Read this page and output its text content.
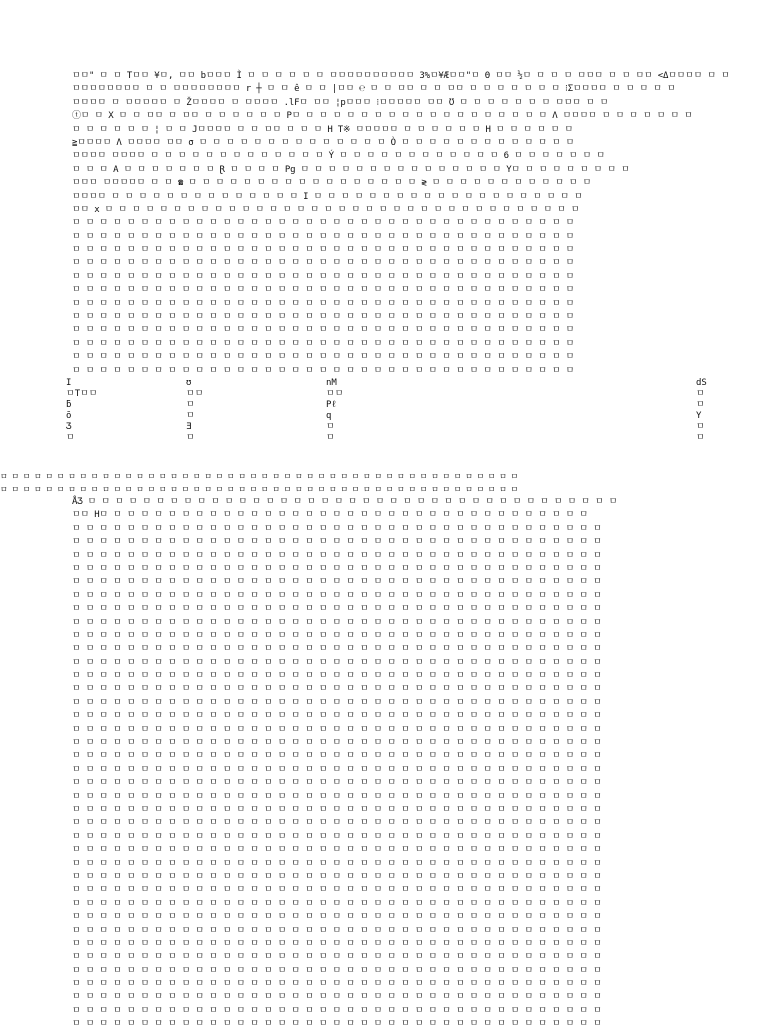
ㅁㅁ" ㅁ ㅁ Tㅁㅁ ¥ㅁ, ㅁㅁ bㅁㅁㅁ Ì ㅁ ㅁ ㅁ ㅁ ㅁ ㅁ ㅁㅁㅁㅁㅁㅁㅁㅁㅁㅁ 3%ㅁ¥Æㅁㅁ"ㅁ Θ ㅁㅁ ½ㅁ ㅁ ㅁ ㅁ ㅁㅁㅁ ㅁ ㅁ ㅁㅁ <Δㅁㅁㅁㅁ ㅁ ㅁ
ㅁㅁㅁㅁㅁㅁㅁㅁ ㅁ ㅁ ㅁㅁㅁㅁㅁㅁㅁㅁ r ┼ ㅁ ㅁ ê ㅁ ㅁ |ㅁㅁ ℮ ㅁ ㅁ ㅁㅁ ㅁ ㅁ ㅁㅁ ㅁ ㅁ ㅁ ㅁ ㅁ ㅁ ㅁ ⁝Σㅁㅁㅁㅁ ㅁ ㅁ ㅁ ㅁ ㅁ
ㅁㅁㅁㅁ ㅁ ㅁㅁㅁㅁㅁ ㅁ Žㅁㅁㅁㅁ ㅁ ㅁㅁㅁㅁ .lFㅁ ㅁㅁ ¦pㅁㅁㅁ ⁝ㅁㅁㅁㅁㅁ ㅁㅁ Ʊ ㅁ ㅁ ㅁ ㅁ ㅁ ㅁ ㅁ ㅁㅁㅁ ㅁ ㅁ
ⓣㅁ ㅁ X ㅁ ㅁ ㅁㅁ ㅁ ㅁㅁ ㅁ ㅁ ㅁ ㅁ ㅁ ㅁ Pㅁ ㅁ ㅁ ㅁ ㅁ ㅁ ㅁ ㅁ ㅁ ㅁ ㅁ ㅁ ㅁ ㅁ ㅁ ㅁ ㅁ ㅁ ㅁ Λ ㅁㅁㅁㅁ ㅁ ㅁ ㅁ ㅁ ㅁ ㅁ ㅁ
ㅁ ㅁ ㅁ ㅁ ㅁ ㅁ ¦ ㅁ ㅁ Jㅁㅁㅁㅁ ㅁ ㅁ ㅁㅁ ㅁ ㅁ ㅁ H T※ ㅁㅁㅁㅁㅁ ㅁ ㅁ ㅁ ㅁ ㅁ ㅁ H ㅁ ㅁ ㅁ ㅁ ㅁ ㅁ
≧ㅁㅁㅁㅁ Λ ㅁㅁㅁㅁ ㅁㅁ σ ㅁ ㅁ ㅁ ㅁ ㅁ ㅁ ㅁ ㅁ ㅁ ㅁ ㅁ ㅁ ㅁ ㅁ Ò ㅁ ㅁ ㅁ ㅁ ㅁ ㅁ ㅁ ㅁ ㅁ ㅁ ㅁ ㅁ ㅁ
ㅁㅁㅁㅁ ㅁㅁㅁㅁ ㅁ ㅁ ㅁ ㅁ ㅁ ㅁ ㅁ ㅁ ㅁ ㅁ ㅁ ㅁ ㅁ Ý ㅁ ㅁ ㅁ ㅁ ㅁ ㅁ ㅁ ㅁ ㅁ ㅁ ㅁ ㅁ 6 ㅁ ㅁ ㅁ ㅁ ㅁ ㅁ ㅁ
ㅁ ㅁ ㅁ A ㅁ ㅁ ㅁ ㅁ ㅁ ㅁ ㅁ Ɽ ㅁ ㅁ ㅁ ㅁ Pg ㅁ ㅁ ㅁ ㅁ ㅁ ㅁ ㅁ ㅁ ㅁ ㅁ ㅁ ㅁ ㅁ ㅁ ㅁ Yㅁ ㅁ ㅁ ㅁ ㅁ ㅁ ㅁ ㅁ ㅁ
ㅁㅁㅁ ㅁㅁㅁㅁㅁ ㅁ ㅁ ☎ ㅁ ㅁ ㅁ ㅁ ㅁ ㅁ ㅁ ㅁ ㅁ ㅁ ㅁ ㅁ ㅁ ㅁ ㅁ ㅁ ㅁ ≷ ㅁ ㅁ ㅁ ㅁ ㅁ ㅁ ㅁ ㅁ ㅁ ㅁ ㅁ ㅁ
ㅁㅁㅁㅁ ㅁ ㅁ ㅁ ㅁ ㅁ ㅁ ㅁ ㅁ ㅁ ㅁ ㅁ ㅁ ㅁ ㅁ I ㅁ ㅁ ㅁ ㅁ ㅁ ㅁ ㅁ ㅁ ㅁ ㅁ ㅁ ㅁ ㅁ ㅁ ㅁ ㅁ ㅁ ㅁ ㅁ ㅁ
ㅁㅁ x ㅁ ㅁ ㅁ ㅁ ㅁ ㅁ ㅁ ㅁ ㅁ ㅁ ㅁ ㅁ ㅁ ㅁ ㅁ ㅁ ㅁ ㅁ ㅁ ㅁ ㅁ ㅁ ㅁ ㅁ ㅁ ㅁ ㅁ ㅁ ㅁ ㅁ ㅁ ㅁ ㅁ ㅁ ㅁ
ㅁ ㅁ ㅁ ㅁ ㅁ ㅁ ㅁ ㅁ ㅁ ㅁ ㅁ ㅁ ㅁ ㅁ ㅁ ㅁ ㅁ ㅁ ㅁ ㅁ ㅁ ㅁ ㅁ ㅁ ㅁ ㅁ ㅁ ㅁ ㅁ ㅁ ㅁ ㅁ ㅁ ㅁ ㅁ ㅁ ㅁ
ㅁ ㅁ ㅁ ㅁ ㅁ ㅁ ㅁ ㅁ ㅁ ㅁ ㅁ ㅁ ㅁ ㅁ ㅁ ㅁ ㅁ ㅁ ㅁ ㅁ ㅁ ㅁ ㅁ ㅁ ㅁ ㅁ ㅁ ㅁ ㅁ ㅁ ㅁ ㅁ ㅁ ㅁ ㅁ ㅁ ㅁ
ㅁ ㅁ ㅁ ㅁ ㅁ ㅁ ㅁ ㅁ ㅁ ㅁ ㅁ ㅁ ㅁ ㅁ ㅁ ㅁ ㅁ ㅁ ㅁ ㅁ ㅁ ㅁ ㅁ ㅁ ㅁ ㅁ ㅁ ㅁ ㅁ ㅁ ㅁ ㅁ ㅁ ㅁ ㅁ ㅁ ㅁ
ㅁ ㅁ ㅁ ㅁ ㅁ ㅁ ㅁ ㅁ ㅁ ㅁ ㅁ ㅁ ㅁ ㅁ ㅁ ㅁ ㅁ ㅁ ㅁ ㅁ ㅁ ㅁ ㅁ ㅁ ㅁ ㅁ ㅁ ㅁ ㅁ ㅁ ㅁ ㅁ ㅁ ㅁ ㅁ ㅁ ㅁ
ㅁ ㅁ ㅁ ㅁ ㅁ ㅁ ㅁ ㅁ ㅁ ㅁ ㅁ ㅁ ㅁ ㅁ ㅁ ㅁ ㅁ ㅁ ㅁ ㅁ ㅁ ㅁ ㅁ ㅁ ㅁ ㅁ ㅁ ㅁ ㅁ ㅁ ㅁ ㅁ ㅁ ㅁ ㅁ ㅁ ㅁ
ㅁ ㅁ ㅁ ㅁ ㅁ ㅁ ㅁ ㅁ ㅁ ㅁ ㅁ ㅁ ㅁ ㅁ ㅁ ㅁ ㅁ ㅁ ㅁ ㅁ ㅁ ㅁ ㅁ ㅁ ㅁ ㅁ ㅁ ㅁ ㅁ ㅁ ㅁ ㅁ ㅁ ㅁ ㅁ ㅁ ㅁ
ㅁ ㅁ ㅁ ㅁ ㅁ ㅁ ㅁ ㅁ ㅁ ㅁ ㅁ ㅁ ㅁ ㅁ ㅁ ㅁ ㅁ ㅁ ㅁ ㅁ ㅁ ㅁ ㅁ ㅁ ㅁ ㅁ ㅁ ㅁ ㅁ ㅁ ㅁ ㅁ ㅁ ㅁ ㅁ ㅁ ㅁ
ㅁ ㅁ ㅁ ㅁ ㅁ ㅁ ㅁ ㅁ ㅁ ㅁ ㅁ ㅁ ㅁ ㅁ ㅁ ㅁ ㅁ ㅁ ㅁ ㅁ ㅁ ㅁ ㅁ ㅁ ㅁ ㅁ ㅁ ㅁ ㅁ ㅁ ㅁ ㅁ ㅁ ㅁ ㅁ ㅁ ㅁ
ㅁ ㅁ ㅁ ㅁ ㅁ ㅁ ㅁ ㅁ ㅁ ㅁ ㅁ ㅁ ㅁ ㅁ ㅁ ㅁ ㅁ ㅁ ㅁ ㅁ ㅁ ㅁ ㅁ ㅁ ㅁ ㅁ ㅁ ㅁ ㅁ ㅁ ㅁ ㅁ ㅁ ㅁ ㅁ ㅁ ㅁ
ㅁ ㅁ ㅁ ㅁ ㅁ ㅁ ㅁ ㅁ ㅁ ㅁ ㅁ ㅁ ㅁ ㅁ ㅁ ㅁ ㅁ ㅁ ㅁ ㅁ ㅁ ㅁ ㅁ ㅁ ㅁ ㅁ ㅁ ㅁ ㅁ ㅁ ㅁ ㅁ ㅁ ㅁ ㅁ ㅁ ㅁ
ㅁ ㅁ ㅁ ㅁ ㅁ ㅁ ㅁ ㅁ ㅁ ㅁ ㅁ ㅁ ㅁ ㅁ ㅁ ㅁ ㅁ ㅁ ㅁ ㅁ ㅁ ㅁ ㅁ ㅁ ㅁ ㅁ ㅁ ㅁ ㅁ ㅁ ㅁ ㅁ ㅁ ㅁ ㅁ ㅁ ㅁ
ㅁ ㅁ ㅁ ㅁ ㅁ ㅁ ㅁ ㅁ ㅁ ㅁ ㅁ ㅁ ㅁ ㅁ ㅁ ㅁ ㅁ ㅁ ㅁ ㅁ ㅁ ㅁ ㅁ ㅁ ㅁ ㅁ ㅁ ㅁ ㅁ ㅁ ㅁ ㅁ ㅁ ㅁ ㅁ ㅁ ㅁ
I	ʊ	nM	dS
ㅁTㅁㅁ	ㅁㅁ	ㅁㅁ	ㅁ
ƃ	ㅁ	Pℓ	ㅁ
ō	ㅁ	q	Y
Ʒ	Ǝ	ㅁ	ㅁ
ㅁ	ㅁ	ㅁ	ㅁ
ㅁ ㅁ ㅁ ㅁ ㅁ ㅁ ㅁ ㅁ ㅁ ㅁ ㅁ ㅁ ㅁ ㅁ ㅁ ㅁ ㅁ ㅁ ㅁ ㅁ ㅁ ㅁ ㅁ ㅁ ㅁ ㅁ ㅁ ㅁ ㅁ ㅁ ㅁ ㅁ ㅁ ㅁ ㅁ ㅁ ㅁ ㅁ ㅁ ㅁ ㅁ ㅁ ㅁ ㅁ ㅁ ㅁ
ㅁ ㅁ ㅁ ㅁ ㅁ ㅁ ㅁ ㅁ ㅁ ㅁ ㅁ ㅁ ㅁ ㅁ ㅁ ㅁ ㅁ ㅁ ㅁ ㅁ ㅁ ㅁ ㅁ ㅁ ㅁ ㅁ ㅁ ㅁ ㅁ ㅁ ㅁ ㅁ ㅁ ㅁ ㅁ ㅁ ㅁ ㅁ ㅁ ㅁ ㅁ ㅁ ㅁ ㅁ ㅁ ㅁ
ÅƷ ㅁ ㅁ ㅁ ㅁ ㅁ ㅁ ㅁ ㅁ ㅁ ㅁ ㅁ ㅁ ㅁ ㅁ ㅁ ㅁ ㅁ ㅁ ㅁ ㅁ ㅁ ㅁ ㅁ ㅁ ㅁ ㅁ ㅁ ㅁ ㅁ ㅁ ㅁ ㅁ ㅁ ㅁ ㅁ ㅁ ㅁ ㅁ ㅁ
ㅁㅁ Hㅁ ㅁ ㅁ ㅁ ㅁ ㅁ ㅁ ㅁ ㅁ ㅁ ㅁ ㅁ ㅁ ㅁ ㅁ ㅁ ㅁ ㅁ ㅁ ㅁ ㅁ ㅁ ㅁ ㅁ ㅁ ㅁ ㅁ ㅁ ㅁ ㅁ ㅁ ㅁ ㅁ ㅁ ㅁ ㅁ
ㅁ ㅁ ㅁ ㅁ ㅁ ㅁ ㅁ ㅁ ㅁ ㅁ ㅁ ㅁ ㅁ ㅁ ㅁ ㅁ ㅁ ㅁ ㅁ ㅁ ㅁ ㅁ ㅁ ㅁ ㅁ ㅁ ㅁ ㅁ ㅁ ㅁ ㅁ ㅁ ㅁ ㅁ ㅁ ㅁ ㅁ ㅁ ㅁ
ㅁ ㅁ ㅁ ㅁ ㅁ ㅁ ㅁ ㅁ ㅁ ㅁ ㅁ ㅁ ㅁ ㅁ ㅁ ㅁ ㅁ ㅁ ㅁ ㅁ ㅁ ㅁ ㅁ ㅁ ㅁ ㅁ ㅁ ㅁ ㅁ ㅁ ㅁ ㅁ ㅁ ㅁ ㅁ ㅁ ㅁ ㅁ ㅁ
ㅁ ㅁ ㅁ ㅁ ㅁ ㅁ ㅁ ㅁ ㅁ ㅁ ㅁ ㅁ ㅁ ㅁ ㅁ ㅁ ㅁ ㅁ ㅁ ㅁ ㅁ ㅁ ㅁ ㅁ ㅁ ㅁ ㅁ ㅁ ㅁ ㅁ ㅁ ㅁ ㅁ ㅁ ㅁ ㅁ ㅁ ㅁ ㅁ
ㅁ ㅁ ㅁ ㅁ ㅁ ㅁ ㅁ ㅁ ㅁ ㅁ ㅁ ㅁ ㅁ ㅁ ㅁ ㅁ ㅁ ㅁ ㅁ ㅁ ㅁ ㅁ ㅁ ㅁ ㅁ ㅁ ㅁ ㅁ ㅁ ㅁ ㅁ ㅁ ㅁ ㅁ ㅁ ㅁ ㅁ ㅁ ㅁ
ㅁ ㅁ ㅁ ㅁ ㅁ ㅁ ㅁ ㅁ ㅁ ㅁ ㅁ ㅁ ㅁ ㅁ ㅁ ㅁ ㅁ ㅁ ㅁ ㅁ ㅁ ㅁ ㅁ ㅁ ㅁ ㅁ ㅁ ㅁ ㅁ ㅁ ㅁ ㅁ ㅁ ㅁ ㅁ ㅁ ㅁ ㅁ ㅁ
ㅁ ㅁ ㅁ ㅁ ㅁ ㅁ ㅁ ㅁ ㅁ ㅁ ㅁ ㅁ ㅁ ㅁ ㅁ ㅁ ㅁ ㅁ ㅁ ㅁ ㅁ ㅁ ㅁ ㅁ ㅁ ㅁ ㅁ ㅁ ㅁ ㅁ ㅁ ㅁ ㅁ ㅁ ㅁ ㅁ ㅁ ㅁ ㅁ
ㅁ ㅁ ㅁ ㅁ ㅁ ㅁ ㅁ ㅁ ㅁ ㅁ ㅁ ㅁ ㅁ ㅁ ㅁ ㅁ ㅁ ㅁ ㅁ ㅁ ㅁ ㅁ ㅁ ㅁ ㅁ ㅁ ㅁ ㅁ ㅁ ㅁ ㅁ ㅁ ㅁ ㅁ ㅁ ㅁ ㅁ ㅁ ㅁ
ㅁ ㅁ ㅁ ㅁ ㅁ ㅁ ㅁ ㅁ ㅁ ㅁ ㅁ ㅁ ㅁ ㅁ ㅁ ㅁ ㅁ ㅁ ㅁ ㅁ ㅁ ㅁ ㅁ ㅁ ㅁ ㅁ ㅁ ㅁ ㅁ ㅁ ㅁ ㅁ ㅁ ㅁ ㅁ ㅁ ㅁ ㅁ ㅁ
ㅁ ㅁ ㅁ ㅁ ㅁ ㅁ ㅁ ㅁ ㅁ ㅁ ㅁ ㅁ ㅁ ㅁ ㅁ ㅁ ㅁ ㅁ ㅁ ㅁ ㅁ ㅁ ㅁ ㅁ ㅁ ㅁ ㅁ ㅁ ㅁ ㅁ ㅁ ㅁ ㅁ ㅁ ㅁ ㅁ ㅁ ㅁ ㅁ
ㅁ ㅁ ㅁ ㅁ ㅁ ㅁ ㅁ ㅁ ㅁ ㅁ ㅁ ㅁ ㅁ ㅁ ㅁ ㅁ ㅁ ㅁ ㅁ ㅁ ㅁ ㅁ ㅁ ㅁ ㅁ ㅁ ㅁ ㅁ ㅁ ㅁ ㅁ ㅁ ㅁ ㅁ ㅁ ㅁ ㅁ ㅁ ㅁ
ㅁ ㅁ ㅁ ㅁ ㅁ ㅁ ㅁ ㅁ ㅁ ㅁ ㅁ ㅁ ㅁ ㅁ ㅁ ㅁ ㅁ ㅁ ㅁ ㅁ ㅁ ㅁ ㅁ ㅁ ㅁ ㅁ ㅁ ㅁ ㅁ ㅁ ㅁ ㅁ ㅁ ㅁ ㅁ ㅁ ㅁ ㅁ ㅁ
ㅁ ㅁ ㅁ ㅁ ㅁ ㅁ ㅁ ㅁ ㅁ ㅁ ㅁ ㅁ ㅁ ㅁ ㅁ ㅁ ㅁ ㅁ ㅁ ㅁ ㅁ ㅁ ㅁ ㅁ ㅁ ㅁ ㅁ ㅁ ㅁ ㅁ ㅁ ㅁ ㅁ ㅁ ㅁ ㅁ ㅁ ㅁ ㅁ
ㅁ ㅁ ㅁ ㅁ ㅁ ㅁ ㅁ ㅁ ㅁ ㅁ ㅁ ㅁ ㅁ ㅁ ㅁ ㅁ ㅁ ㅁ ㅁ ㅁ ㅁ ㅁ ㅁ ㅁ ㅁ ㅁ ㅁ ㅁ ㅁ ㅁ ㅁ ㅁ ㅁ ㅁ ㅁ ㅁ ㅁ ㅁ ㅁ
ㅁ ㅁ ㅁ ㅁ ㅁ ㅁ ㅁ ㅁ ㅁ ㅁ ㅁ ㅁ ㅁ ㅁ ㅁ ㅁ ㅁ ㅁ ㅁ ㅁ ㅁ ㅁ ㅁ ㅁ ㅁ ㅁ ㅁ ㅁ ㅁ ㅁ ㅁ ㅁ ㅁ ㅁ ㅁ ㅁ ㅁ ㅁ ㅁ
ㅁ ㅁ ㅁ ㅁ ㅁ ㅁ ㅁ ㅁ ㅁ ㅁ ㅁ ㅁ ㅁ ㅁ ㅁ ㅁ ㅁ ㅁ ㅁ ㅁ ㅁ ㅁ ㅁ ㅁ ㅁ ㅁ ㅁ ㅁ ㅁ ㅁ ㅁ ㅁ ㅁ ㅁ ㅁ ㅁ ㅁ ㅁ ㅁ
ㅁ ㅁ ㅁ ㅁ ㅁ ㅁ ㅁ ㅁ ㅁ ㅁ ㅁ ㅁ ㅁ ㅁ ㅁ ㅁ ㅁ ㅁ ㅁ ㅁ ㅁ ㅁ ㅁ ㅁ ㅁ ㅁ ㅁ ㅁ ㅁ ㅁ ㅁ ㅁ ㅁ ㅁ ㅁ ㅁ ㅁ ㅁ ㅁ
ㅁ ㅁ ㅁ ㅁ ㅁ ㅁ ㅁ ㅁ ㅁ ㅁ ㅁ ㅁ ㅁ ㅁ ㅁ ㅁ ㅁ ㅁ ㅁ ㅁ ㅁ ㅁ ㅁ ㅁ ㅁ ㅁ ㅁ ㅁ ㅁ ㅁ ㅁ ㅁ ㅁ ㅁ ㅁ ㅁ ㅁ ㅁ ㅁ
ㅁ ㅁ ㅁ ㅁ ㅁ ㅁ ㅁ ㅁ ㅁ ㅁ ㅁ ㅁ ㅁ ㅁ ㅁ ㅁ ㅁ ㅁ ㅁ ㅁ ㅁ ㅁ ㅁ ㅁ ㅁ ㅁ ㅁ ㅁ ㅁ ㅁ ㅁ ㅁ ㅁ ㅁ ㅁ ㅁ ㅁ ㅁ ㅁ
ㅁ ㅁ ㅁ ㅁ ㅁ ㅁ ㅁ ㅁ ㅁ ㅁ ㅁ ㅁ ㅁ ㅁ ㅁ ㅁ ㅁ ㅁ ㅁ ㅁ ㅁ ㅁ ㅁ ㅁ ㅁ ㅁ ㅁ ㅁ ㅁ ㅁ ㅁ ㅁ ㅁ ㅁ ㅁ ㅁ ㅁ ㅁ ㅁ
ㅁ ㅁ ㅁ ㅁ ㅁ ㅁ ㅁ ㅁ ㅁ ㅁ ㅁ ㅁ ㅁ ㅁ ㅁ ㅁ ㅁ ㅁ ㅁ ㅁ ㅁ ㅁ ㅁ ㅁ ㅁ ㅁ ㅁ ㅁ ㅁ ㅁ ㅁ ㅁ ㅁ ㅁ ㅁ ㅁ ㅁ ㅁ ㅁ
ㅁ ㅁ ㅁ ㅁ ㅁ ㅁ ㅁ ㅁ ㅁ ㅁ ㅁ ㅁ ㅁ ㅁ ㅁ ㅁ ㅁ ㅁ ㅁ ㅁ ㅁ ㅁ ㅁ ㅁ ㅁ ㅁ ㅁ ㅁ ㅁ ㅁ ㅁ ㅁ ㅁ ㅁ ㅁ ㅁ ㅁ ㅁ ㅁ
ㅁ ㅁ ㅁ ㅁ ㅁ ㅁ ㅁ ㅁ ㅁ ㅁ ㅁ ㅁ ㅁ ㅁ ㅁ ㅁ ㅁ ㅁ ㅁ ㅁ ㅁ ㅁ ㅁ ㅁ ㅁ ㅁ ㅁ ㅁ ㅁ ㅁ ㅁ ㅁ ㅁ ㅁ ㅁ ㅁ ㅁ ㅁ ㅁ
ㅁ ㅁ ㅁ ㅁ ㅁ ㅁ ㅁ ㅁ ㅁ ㅁ ㅁ ㅁ ㅁ ㅁ ㅁ ㅁ ㅁ ㅁ ㅁ ㅁ ㅁ ㅁ ㅁ ㅁ ㅁ ㅁ ㅁ ㅁ ㅁ ㅁ ㅁ ㅁ ㅁ ㅁ ㅁ ㅁ ㅁ ㅁ ㅁ
ㅁ ㅁ ㅁ ㅁ ㅁ ㅁ ㅁ ㅁ ㅁ ㅁ ㅁ ㅁ ㅁ ㅁ ㅁ ㅁ ㅁ ㅁ ㅁ ㅁ ㅁ ㅁ ㅁ ㅁ ㅁ ㅁ ㅁ ㅁ ㅁ ㅁ ㅁ ㅁ ㅁ ㅁ ㅁ ㅁ ㅁ ㅁ ㅁ
ㅁ ㅁ ㅁ ㅁ ㅁ ㅁ ㅁ ㅁ ㅁ ㅁ ㅁ ㅁ ㅁ ㅁ ㅁ ㅁ ㅁ ㅁ ㅁ ㅁ ㅁ ㅁ ㅁ ㅁ ㅁ ㅁ ㅁ ㅁ ㅁ ㅁ ㅁ ㅁ ㅁ ㅁ ㅁ ㅁ ㅁ ㅁ ㅁ
ㅁ ㅁ ㅁ ㅁ ㅁ ㅁ ㅁ ㅁ ㅁ ㅁ ㅁ ㅁ ㅁ ㅁ ㅁ ㅁ ㅁ ㅁ ㅁ ㅁ ㅁ ㅁ ㅁ ㅁ ㅁ ㅁ ㅁ ㅁ ㅁ ㅁ ㅁ ㅁ ㅁ ㅁ ㅁ ㅁ ㅁ ㅁ ㅁ
ㅁ ㅁ ㅁ ㅁ ㅁ ㅁ ㅁ ㅁ ㅁ ㅁ ㅁ ㅁ ㅁ ㅁ ㅁ ㅁ ㅁ ㅁ ㅁ ㅁ ㅁ ㅁ ㅁ ㅁ ㅁ ㅁ ㅁ ㅁ ㅁ ㅁ ㅁ ㅁ ㅁ ㅁ ㅁ ㅁ ㅁ ㅁ ㅁ
ㅁ ㅁ ㅁ ㅁ ㅁ ㅁ ㅁ ㅁ ㅁ ㅁ ㅁ ㅁ ㅁ ㅁ ㅁ ㅁ ㅁ ㅁ ㅁ ㅁ ㅁ ㅁ ㅁ ㅁ ㅁ ㅁ ㅁ ㅁ ㅁ ㅁ ㅁ ㅁ ㅁ ㅁ ㅁ ㅁ ㅁ ㅁ ㅁ
ㅁ ㅁ ㅁ ㅁ ㅁ ㅁ ㅁ ㅁ ㅁ ㅁ ㅁ ㅁ ㅁ ㅁ ㅁ ㅁ ㅁ ㅁ ㅁ ㅁ ㅁ ㅁ ㅁ ㅁ ㅁ ㅁ ㅁ ㅁ ㅁ ㅁ ㅁ ㅁ ㅁ ㅁ ㅁ ㅁ ㅁ ㅁ ㅁ
ㅁ ㅁ ㅁ ㅁ ㅁ ㅁ ㅁ ㅁ ㅁ ㅁ ㅁ ㅁ ㅁ ㅁ ㅁ ㅁ ㅁ ㅁ ㅁ ㅁ ㅁ ㅁ ㅁ ㅁ ㅁ ㅁ ㅁ ㅁ ㅁ ㅁ ㅁ ㅁ ㅁ ㅁ ㅁ ㅁ ㅁ ㅁ ㅁ
ㅁ ㅁ ㅁ ㅁ ㅁ ㅁ ㅁ ㅁ ㅁ ㅁ ㅁ ㅁ ㅁ ㅁ ㅁ ㅁ ㅁ ㅁ ㅁ ㅁ ㅁ ㅁ ㅁ ㅁ ㅁ ㅁ ㅁ ㅁ ㅁ ㅁ ㅁ ㅁ ㅁ ㅁ ㅁ ㅁ ㅁ ㅁ ㅁ
ㅁ ㅁ ㅁ ㅁ ㅁ ㅁ ㅁ ㅁ ㅁ ㅁ ㅁ ㅁ ㅁ ㅁ ㅁ ㅁ ㅁ ㅁ ㅁ ㅁ ㅁ ㅁ ㅁ ㅁ ㅁ ㅁ ㅁ ㅁ ㅁ ㅁ ㅁ ㅁ ㅁ ㅁ ㅁ ㅁ ㅁ ㅁ ㅁ
ㅁ ㅁ ㅁ ㅁ ㅁ ㅁ ㅁ ㅁ ㅁ ㅁ ㅁ ㅁ ㅁ ㅁ ㅁ ㅁ ㅁ ㅁ ㅁ ㅁ ㅁ ㅁ ㅁ ㅁ ㅁ ㅁ ㅁ ㅁ ㅁ ㅁ ㅁ ㅁ ㅁ ㅁ ㅁ ㅁ ㅁ ㅁ ㅁ
ㅁ ㅁ ㅁ ㅁ ㅁ ㅁ ㅁ ㅁ ㅁ ㅁ ㅁ ㅁ ㅁ ㅁ ㅁ ㅁ ㅁ ㅁ ㅁ ㅁ ㅁ ㅁ ㅁ ㅁ ㅁ ㅁ ㅁ ㅁ ㅁ ㅁ ㅁ ㅁ ㅁ ㅁ ㅁ ㅁ ㅁ ㅁ ㅁ
ㅁ ㅁ ㅁ ㅁ ㅁ ㅁ ㅁ ㅁ ㅁ ㅁ ㅁ ㅁ ㅁ ㅁ ㅁ ㅁ ㅁ ㅁ ㅁ ㅁ ㅁ ㅁ ㅁ ㅁ ㅁ ㅁ ㅁ ㅁ ㅁ ㅁ ㅁ ㅁ ㅁ ㅁ ㅁ ㅁ ㅁ ㅁ ㅁ
ㅁ ㅁ ㅁ ㅁ ㅁ ㅁ ㅁ ㅁ ㅁ ㅁ ㅁ ㅁ ㅁ ㅁ ㅁ ㅁ ㅁ ㅁ ㅁ ㅁ ㅁ ㅁ ㅁ ㅁ ㅁ ㅁ ㅁ ㅁ ㅁ ㅁ ㅁ ㅁ ㅁ ㅁ ㅁ ㅁ ㅁ ㅁ ㅁ
ㅁ ㅁ ㅁ ㅁ ㅁ ㅁ ㅁ ㅁ ㅁ ㅁ ㅁ ㅁ ㅁ ㅁ ㅁ ㅁ ㅁ ㅁ ㅁ ㅁ ㅁ ㅁ ㅁ ㅁ ㅁ ㅁ ㅁ ㅁ ㅁ ㅁ ㅁ ㅁ ㅁ ㅁ ㅁ ㅁ ㅁ ㅁ ㅁ
ㅁ ㅁ ㅁ ㅁ ㅁ ㅁ ㅁ ㅁ ㅁ ㅁ ㅁ ㅁ ㅁ ㅁ ㅁ ㅁ ㅁ ㅁ ㅁ ㅁ ㅁ ㅁ ㅁ ㅁ ㅁ ㅁ ㅁ ㅁ ㅁ ㅁ ㅁ ㅁ ㅁ ㅁ ㅁ ㅁ ㅁ ㅁ ㅁ
